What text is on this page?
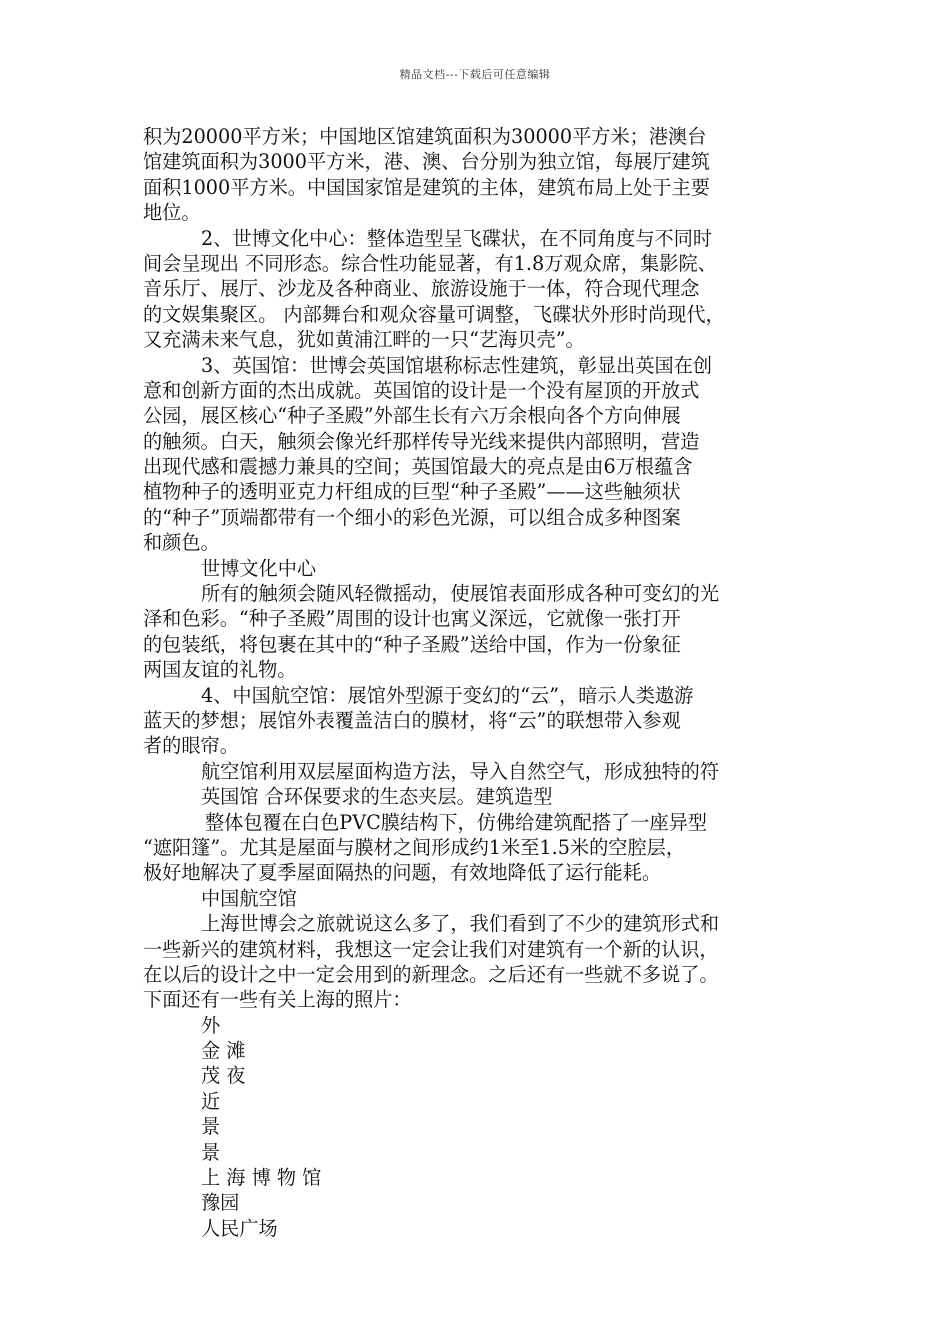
精品文档---下载后可任意编辑
积为20000平方米；中国地区馆建筑面积为30000平方米；港澳台
馆建筑面积为3000平方米，港、澳、台分别为独立馆，每展厅建筑
面积1000平方米。中国国家馆是建筑的主体，建筑布局上处于主要
地位。
2、世博文化中心：整体造型呈飞碟状，在不同角度与不同时
间会呈现出 不同形态。综合性功能显著，有1.8万观众席，集影院、
音乐厅、展厅、沙龙及各种商业、旅游设施于一体，符合现代理念
的文娱集聚区。 内部舞台和观众容量可调整，飞碟状外形时尚现代，
又充满未来气息，犹如黄浦江畔的一只“艺海贝壳”。
3、英国馆：世博会英国馆堪称标志性建筑，彰显出英国在创
意和创新方面的杰出成就。英国馆的设计是一个没有屋顶的开放式
公园，展区核心“种子圣殿”外部生长有六万余根向各个方向伸展
的触须。白天，触须会像光纤那样传导光线来提供内部照明，营造
出现代感和震撼力兼具的空间；英国馆最大的亮点是由6万根蕴含
植物种子的透明亚克力杆组成的巨型“种子圣殿”——这些触须状
的“种子”顶端都带有一个细小的彩色光源，可以组合成多种图案
和颜色。
世博文化中心
所有的触须会随风轻微摇动，使展馆表面形成各种可变幻的光
泽和色彩。“种子圣殿”周围的设计也寓义深远，它就像一张打开
的包装纸，将包裹在其中的“种子圣殿”送给中国，作为一份象征
两国友谊的礼物。
4、中国航空馆：展馆外型源于变幻的“云”，暗示人类遨游
蓝天的梦想；展馆外表覆盖洁白的膜材，将“云”的联想带入参观
者的眼帘。
航空馆利用双层屋面构造方法，导入自然空气，形成独特的符
英国馆 合环保要求的生态夹层。建筑造型
整体包覆在白色PVC膜结构下，仿佛给建筑配搭了一座异型
“遮阳篷”。尤其是屋面与膜材之间形成约1米至1.5米的空腔层，
极好地解决了夏季屋面隔热的问题，有效地降低了运行能耗。
中国航空馆
上海世博会之旅就说这么多了，我们看到了不少的建筑形式和
一些新兴的建筑材料，我想这一定会让我们对建筑有一个新的认识，
在以后的设计之中一定会用到的新理念。之后还有一些就不多说了。
下面还有一些有关上海的照片：
外
金 滩
茂 夜
近
景
景
上 海 博 物 馆
豫园
人民广场
